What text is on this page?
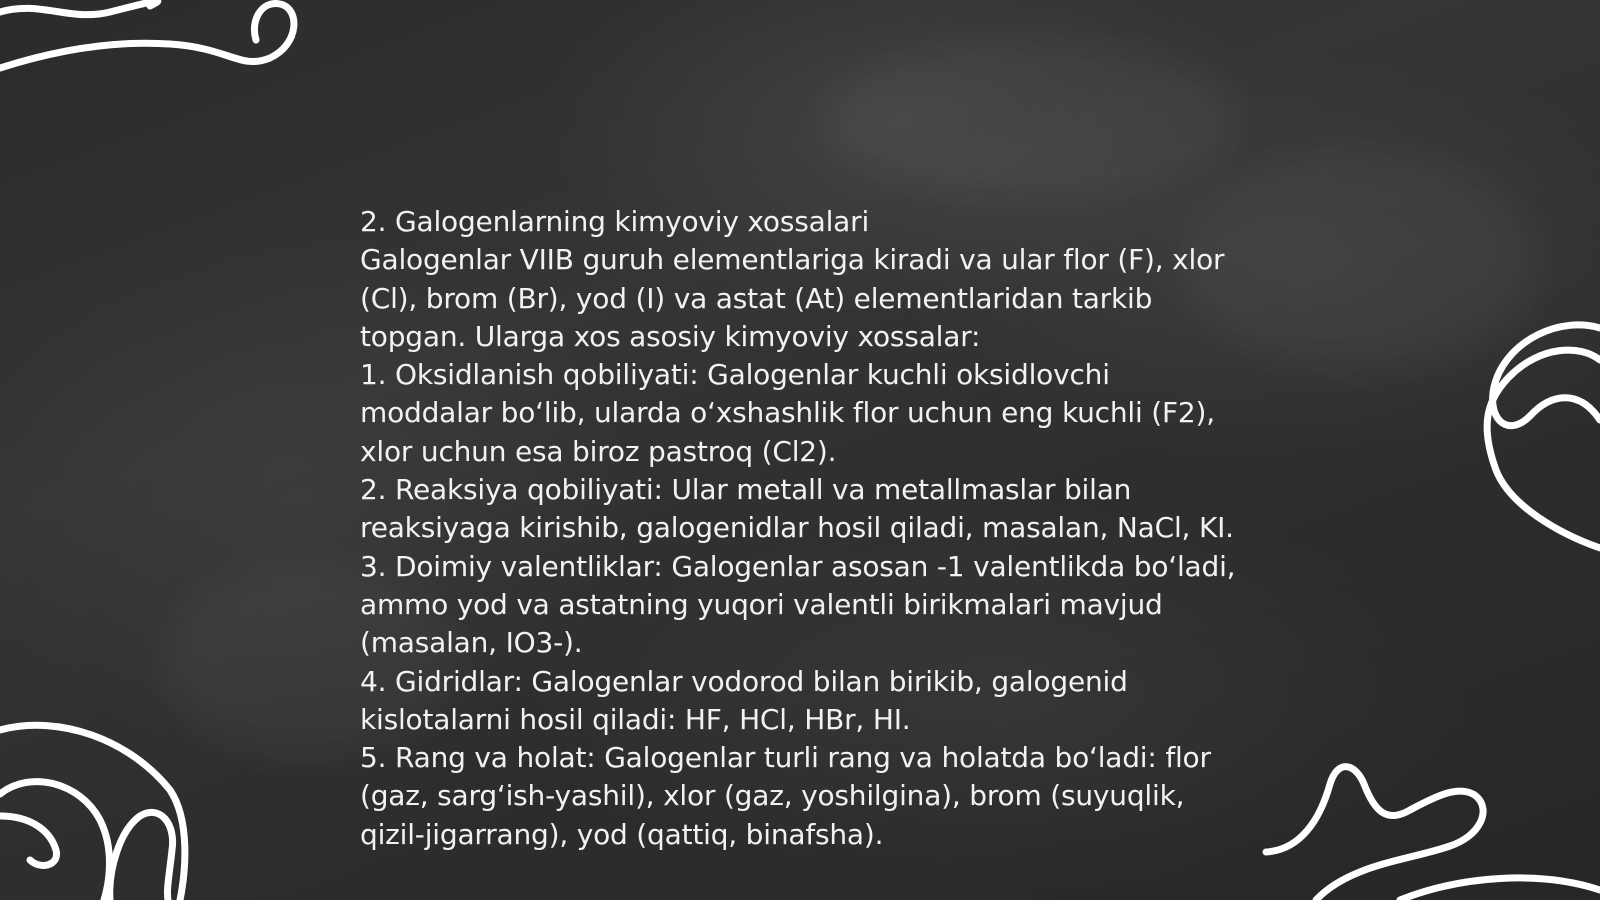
2. Galogenlarning kimyoviy xossalari
Galogenlar VIIB guruh elementlariga kiradi va ular flor (F), xlor (Cl), brom (Br), yod (I) va astat (At) elementlaridan tarkib topgan. Ularga xos asosiy kimyoviy xossalar:
1. Oksidlanish qobiliyati: Galogenlar kuchli oksidlovchi moddalar bo‘lib, ularda o‘xshashlik flor uchun eng kuchli (F2), xlor uchun esa biroz pastroq (Cl2).
2. Reaksiya qobiliyati: Ular metall va metallmaslar bilan reaksiyaga kirishib, galogenidlar hosil qiladi, masalan, NaCl, KI.
3. Doimiy valentliklar: Galogenlar asosan -1 valentlikda bo‘ladi, ammo yod va astatning yuqori valentli birikmalari mavjud (masalan, IO3-).
4. Gidridlar: Galogenlar vodorod bilan birikib, galogenid kislotalarni hosil qiladi: HF, HCl, HBr, HI.
5. Rang va holat: Galogenlar turli rang va holatda bo‘ladi: flor (gaz, sarg‘ish-yashil), xlor (gaz, yoshilgina), brom (suyuqlik, qizil-jigarrang), yod (qattiq, binafsha).
